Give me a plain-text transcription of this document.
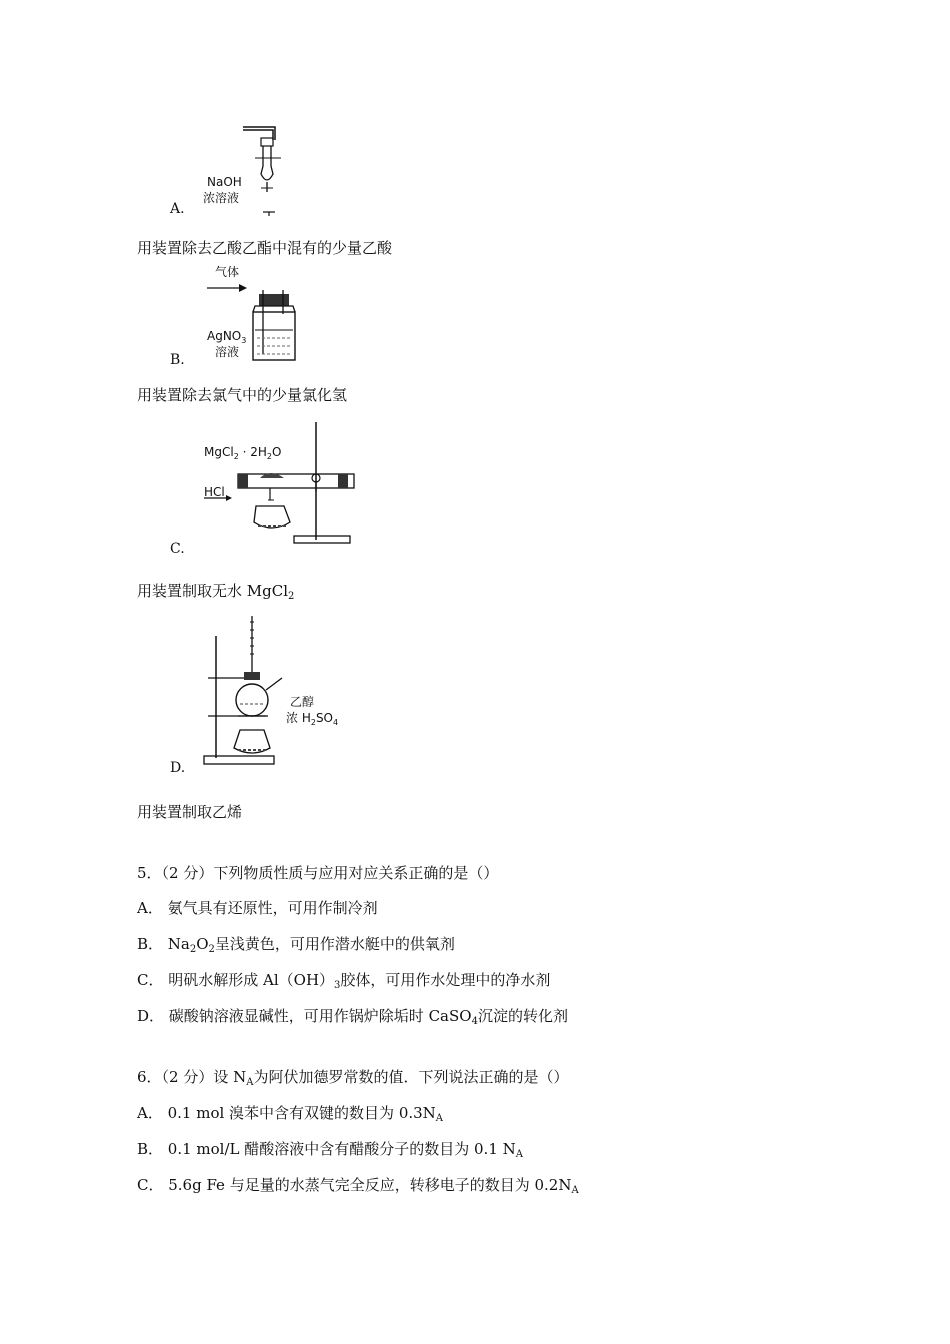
NaOH
浓溶液
A.
用装置除去乙酸乙酯中混有的少量乙酸
气体
AgNO$_3$
溶液
B.
用装置除去氯气中的少量氯化氢
MgCl$_2$ · $2H_2O$
HCl
C.
用装置制取无水 MgCl$_2$
乙醇
浓 $H_2SO_4$
D.
用装置制取乙烯
5．（2 分）下列物质性质与应用对应关系正确的是（）
A． 氨气具有还原性，可用作制冷剂
B． $Na_2O_2$呈浅黄色，可用作潜水艇中的供氧剂
C． 明矾水解形成 $Al(OH)_3$胶体，可用作水处理中的净水剂
D． 碳酸钠溶液显碱性，可用作锅炉除垢时 CaSO$_4$沉淀的转化剂
6．（2 分）设 $N_A$为阿伏加德罗常数的值．下列说法正确的是（）
A． 0.1 mol 溴苯中含有双键的数目为 $0.3N_A$
B． 0.1 mol/L 醋酸溶液中含有醋酸分子的数目为 0.1 $N_A$
C． 5.6g Fe 与足量的水蒸气完全反应，转移电子的数目为 $0.2N_A$
